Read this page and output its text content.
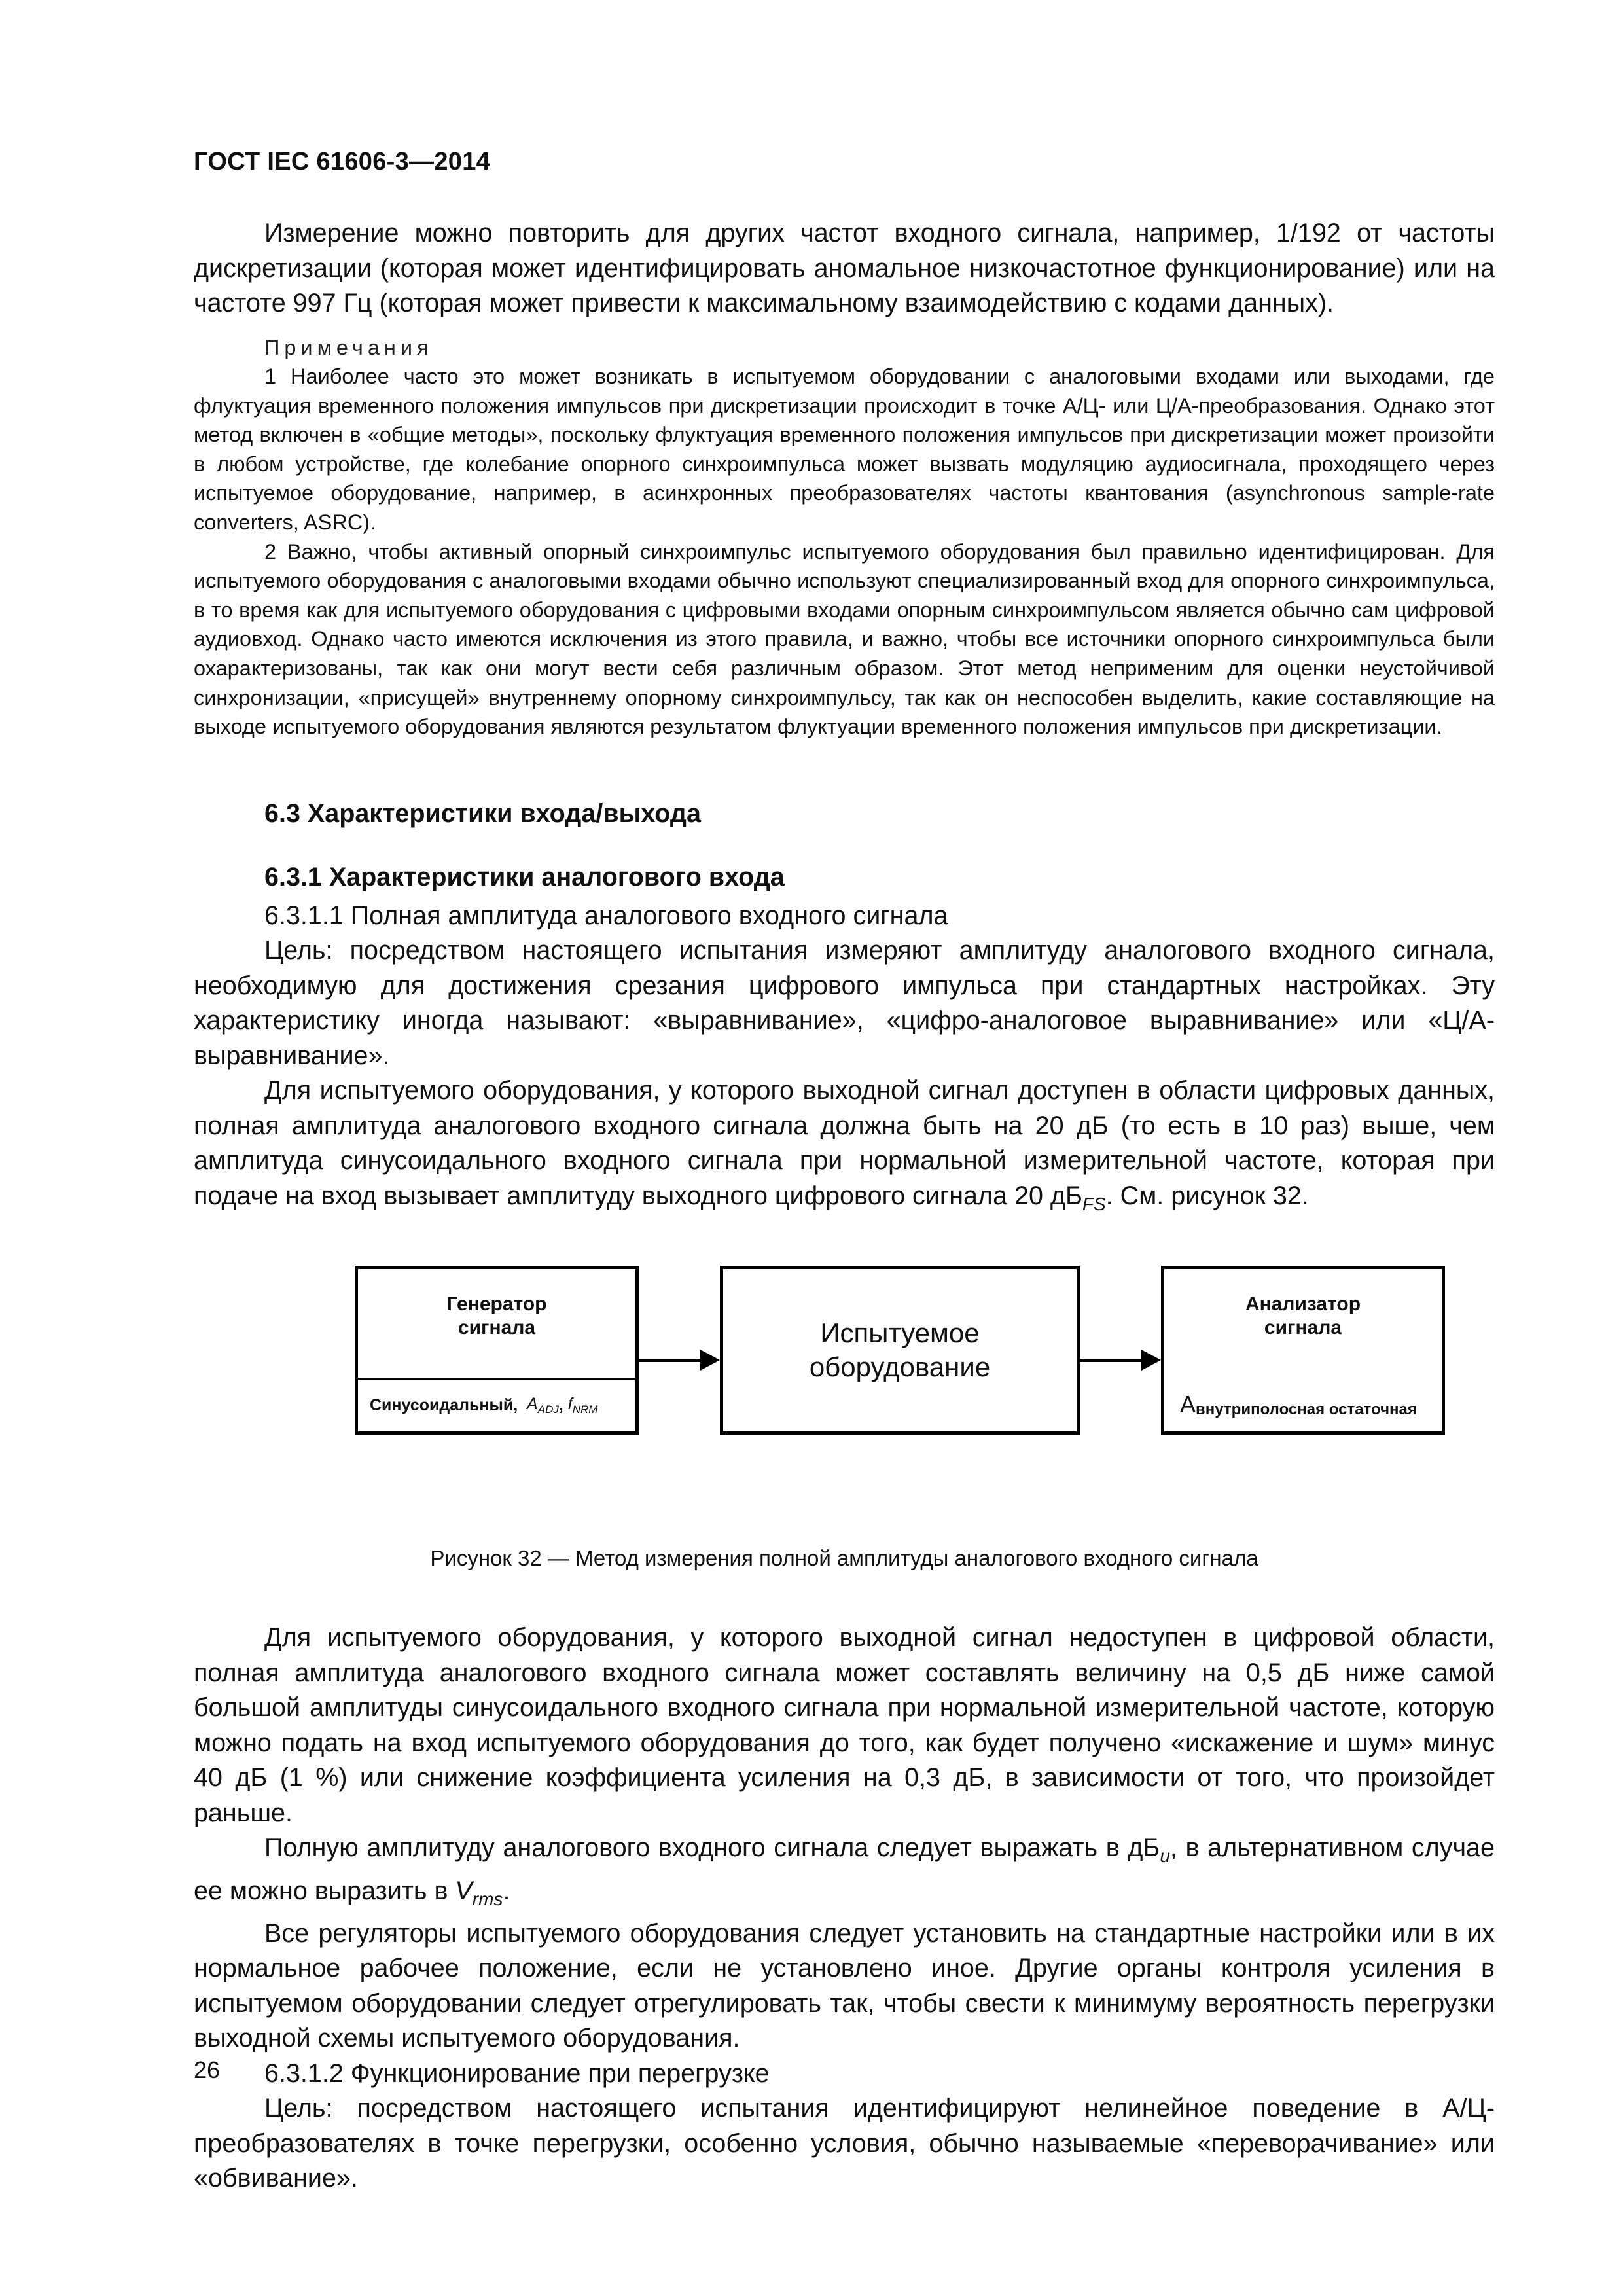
ГОСТ IEC 61606-3—2014

Измерение можно повторить для других частот входного сигнала, например, 1/192 от частоты дискретизации (которая может идентифицировать аномальное низкочастотное функционирование) или на частоте 997 Гц (которая может привести к максимальному взаимодействию с кодами данных).

Примечания

1 Наиболее часто это может возникать в испытуемом оборудовании с аналоговыми входами или выходами, где флуктуация временного положения импульсов при дискретизации происходит в точке А/Ц- или Ц/А-преобразования. Однако этот метод включен в «общие методы», поскольку флуктуация временного положения импульсов при дискретизации может произойти в любом устройстве, где колебание опорного синхроимпульса может вызвать модуляцию аудиосигнала, проходящего через испытуемое оборудование, например, в асинхронных преобразователях частоты квантования (asynchronous sample-rate converters, ASRC).

2 Важно, чтобы активный опорный синхроимпульс испытуемого оборудования был правильно идентифицирован. Для испытуемого оборудования с аналоговыми входами обычно используют специализированный вход для опорного синхроимпульса, в то время как для испытуемого оборудования с цифровыми входами опорным синхроимпульсом является обычно сам цифровой аудиовход. Однако часто имеются исключения из этого правила, и важно, чтобы все источники опорного синхроимпульса были охарактеризованы, так как они могут вести себя различным образом. Этот метод неприменим для оценки неустойчивой синхронизации, «присущей» внутреннему опорному синхроимпульсу, так как он неспособен выделить, какие составляющие на выходе испытуемого оборудования являются результатом флуктуации временного положения импульсов при дискретизации.

6.3 Характеристики входа/выхода
6.3.1 Характеристики аналогового входа
6.3.1.1 Полная амплитуда аналогового входного сигнала

Цель: посредством настоящего испытания измеряют амплитуду аналогового входного сигнала, необходимую для достижения срезания цифрового импульса при стандартных настройках. Эту характеристику иногда называют: «выравнивание», «цифро-аналоговое выравнивание» или «Ц/А-выравнивание».

Для испытуемого оборудования, у которого выходной сигнал доступен в области цифровых данных, полная амплитуда аналогового входного сигнала должна быть на 20 дБ (то есть в 10 раз) выше, чем амплитуда синусоидального входного сигнала при нормальной измерительной частоте, которая при подаче на вход вызывает амплитуду выходного цифрового сигнала 20 $дБ_{FS}$. См. рисунок 32.

Генератор
сигнала
Синусоидальный,
$A_{ADJ}$ , $f_{NRM}$
Испытуемое
оборудование
Анализатор
сигнала
A внутриполосная остаточная
Рисунок 32 — Метод измерения полной амплитуды аналогового входного сигнала

Для испытуемого оборудования, у которого выходной сигнал недоступен в цифровой области, полная амплитуда аналогового входного сигнала может составлять величину на 0,5 дБ ниже самой большой амплитуды синусоидального входного сигнала при нормальной измерительной частоте, которую можно подать на вход испытуемого оборудования до того, как будет получено «искажение и шум» минус 40 дБ (1 %) или снижение коэффициента усиления на 0,3 дБ, в зависимости от того, что произойдет раньше.

Полную амплитуду аналогового входного сигнала следует выражать в $дБ_u$, в альтернативном случае ее можно выразить в $V_{rms}$.

Все регуляторы испытуемого оборудования следует установить на стандартные настройки или в их нормальное рабочее положение, если не установлено иное. Другие органы контроля усиления в испытуемом оборудовании следует отрегулировать так, чтобы свести к минимуму вероятность перегрузки выходной схемы испытуемого оборудования.

6.3.1.2 Функционирование при перегрузке

Цель: посредством настоящего испытания идентифицируют нелинейное поведение в А/Ц-преобразователях в точке перегрузки, особенно условия, обычно называемые «переворачивание» или «обвивание».

26
